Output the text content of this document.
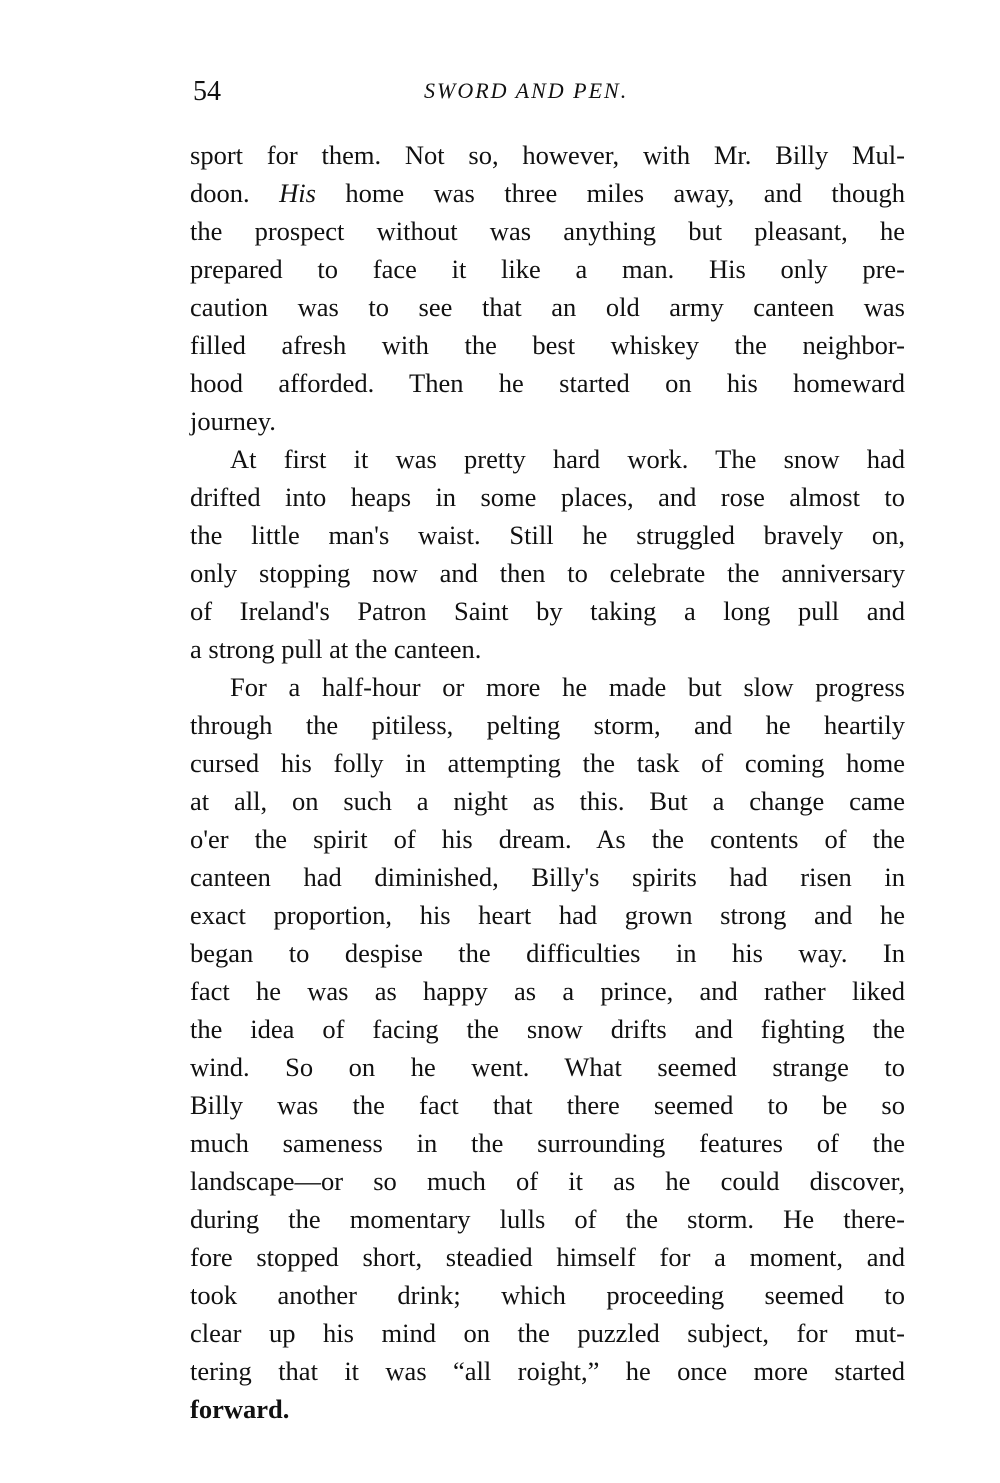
54	SWORD AND PEN.
sport for them. Not so, however, with Mr. Billy Mul-
doon. His home was three miles away, and though
the prospect without was anything but pleasant, he
prepared to face it like a man. His only pre-
caution was to see that an old army canteen was
filled afresh with the best whiskey the neighbor-
hood afforded. Then he started on his homeward
journey.
At first it was pretty hard work. The snow had
drifted into heaps in some places, and rose almost to
the little man's waist. Still he struggled bravely on,
only stopping now and then to celebrate the anniversary
of Ireland's Patron Saint by taking a long pull and
a strong pull at the canteen.
For a half-hour or more he made but slow progress
through the pitiless, pelting storm, and he heartily
cursed his folly in attempting the task of coming home
at all, on such a night as this. But a change came
o'er the spirit of his dream. As the contents of the
canteen had diminished, Billy's spirits had risen in
exact proportion, his heart had grown strong and he
began to despise the difficulties in his way. In
fact he was as happy as a prince, and rather liked
the idea of facing the snow drifts and fighting the
wind. So on he went. What seemed strange to
Billy was the fact that there seemed to be so
much sameness in the surrounding features of the
landscape—or so much of it as he could discover,
during the momentary lulls of the storm. He there-
fore stopped short, steadied himself for a moment, and
took another drink; which proceeding seemed to
clear up his mind on the puzzled subject, for mut-
tering that it was “all roight,” he once more started
forward.
